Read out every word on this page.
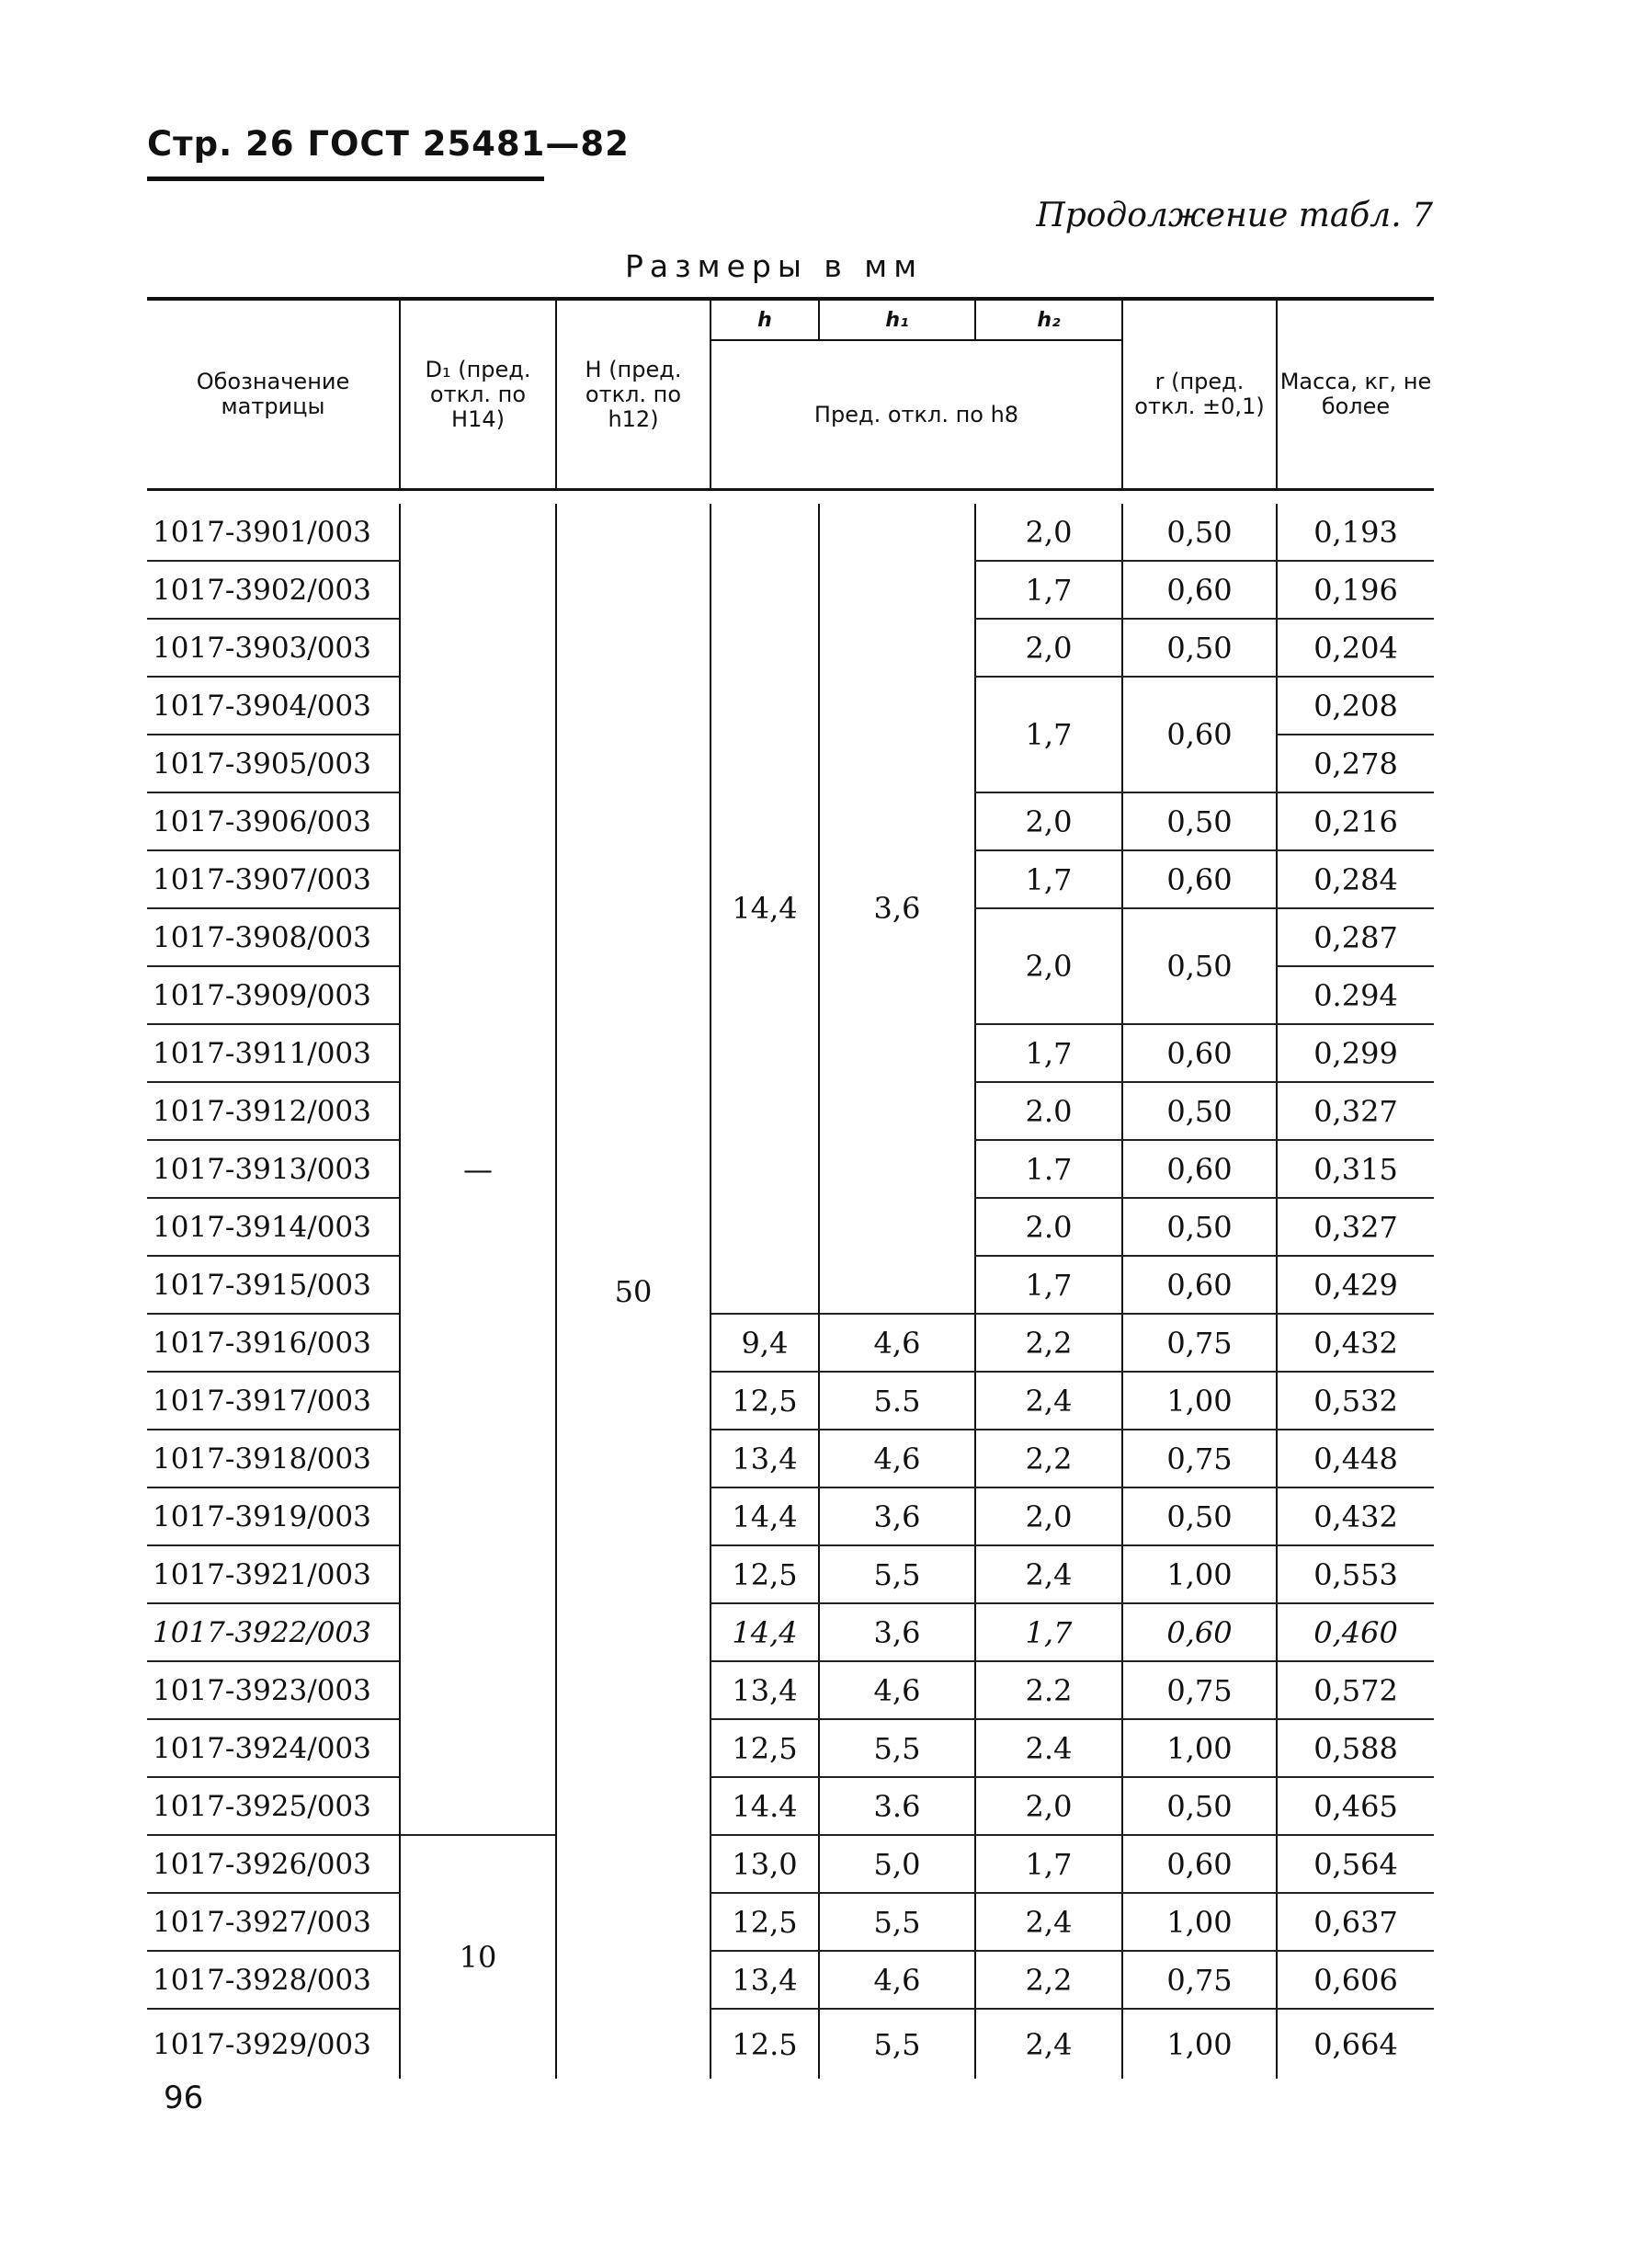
Стр. 26 ГОСТ 25481—82
Продолжение табл. 7
Размеры в мм
Обозначение матрицы	D₁ (пред. откл. по H14)	H (пред. откл. по h12)	h	h₁	h₂	r (пред. откл. ±0,1)	Масса, кг, не более
			Пред. откл. по h8				

1017-3901/003	—	50	14,4	3,6	2,0	0,50	0,193
1017-3902/003					1,7	0,60	0,196
1017-3903/003					2,0	0,50	0,204
1017-3904/003					1,7	0,60	0,208
1017-3905/003							0,278
1017-3906/003					2,0	0,50	0,216
1017-3907/003					1,7	0,60	0,284
1017-3908/003					2,0	0,50	0,287
1017-3909/003							0.294
1017-3911/003					1,7	0,60	0,299
1017-3912/003					2.0	0,50	0,327
1017-3913/003					1.7	0,60	0,315
1017-3914/003					2.0	0,50	0,327
1017-3915/003					1,7	0,60	0,429
1017-3916/003			9,4	4,6	2,2	0,75	0,432
1017-3917/003			12,5	5.5	2,4	1,00	0,532
1017-3918/003			13,4	4,6	2,2	0,75	0,448
1017-3919/003			14,4	3,6	2,0	0,50	0,432
1017-3921/003			12,5	5,5	2,4	1,00	0,553
1017-3922/003			14,4	3,6	1,7	0,60	0,460
1017-3923/003			13,4	4,6	2.2	0,75	0,572
1017-3924/003			12,5	5,5	2.4	1,00	0,588
1017-3925/003			14.4	3.6	2,0	0,50	0,465
1017-3926/003	10		13,0	5,0	1,7	0,60	0,564
1017-3927/003			12,5	5,5	2,4	1,00	0,637
1017-3928/003			13,4	4,6	2,2	0,75	0,606
1017-3929/003			12.5	5,5	2,4	1,00	0,664
96
